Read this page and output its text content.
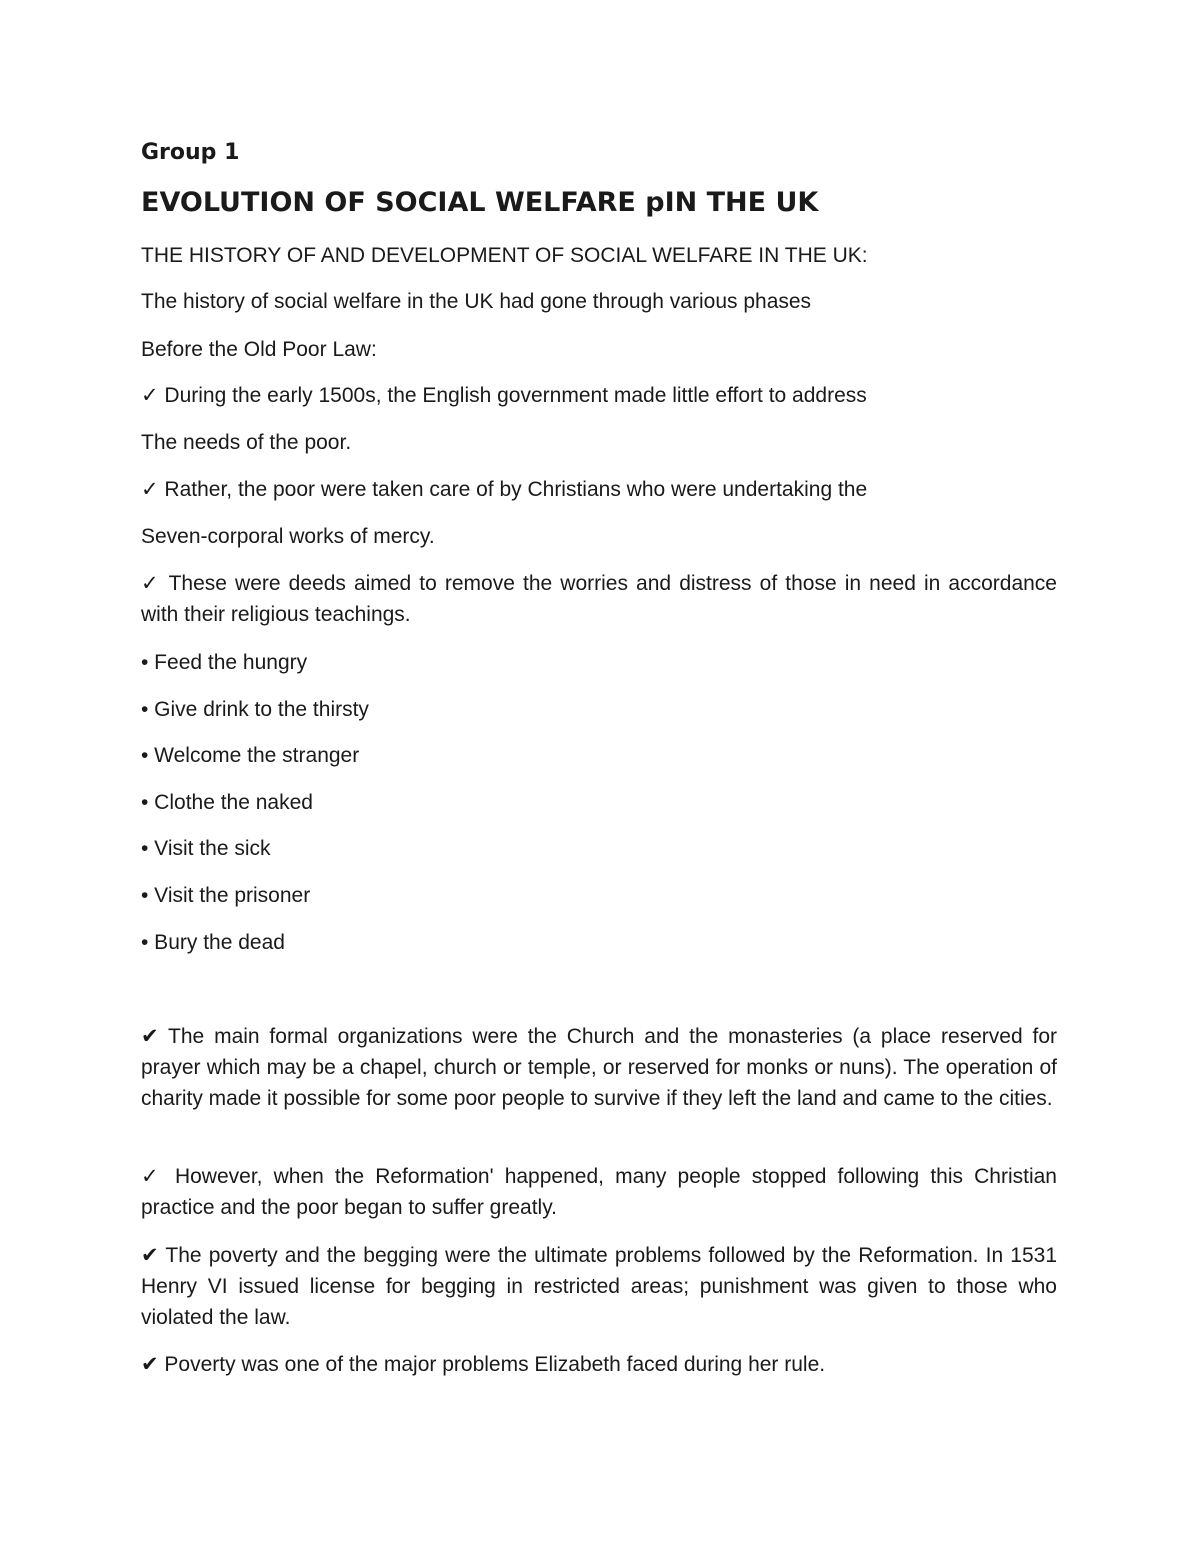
Group 1
EVOLUTION OF SOCIAL WELFARE pIN THE UK

THE HISTORY OF AND DEVELOPMENT OF SOCIAL WELFARE IN THE UK:

The history of social welfare in the UK had gone through various phases

Before the Old Poor Law:

✓ During the early 1500s, the English government made little effort to address

The needs of the poor.

✓ Rather, the poor were taken care of by Christians who were undertaking the

Seven-corporal works of mercy.

✓ These were deeds aimed to remove the worries and distress of those in need in accordance with their religious teachings.

• Feed the hungry

• Give drink to the thirsty

• Welcome the stranger

• Clothe the naked

• Visit the sick

• Visit the prisoner

• Bury the dead

✔ The main formal organizations were the Church and the monasteries (a place reserved for prayer which may be a chapel, church or temple, or reserved for monks or nuns). The operation of charity made it possible for some poor people to survive if they left the land and came to the cities.

✓ However, when the Reformation' happened, many people stopped following this Christian practice and the poor began to suffer greatly.

✔ The poverty and the begging were the ultimate problems followed by the Reformation. In 1531 Henry VI issued license for begging in restricted areas; punishment was given to those who violated the law.

✔ Poverty was one of the major problems Elizabeth faced during her rule.
